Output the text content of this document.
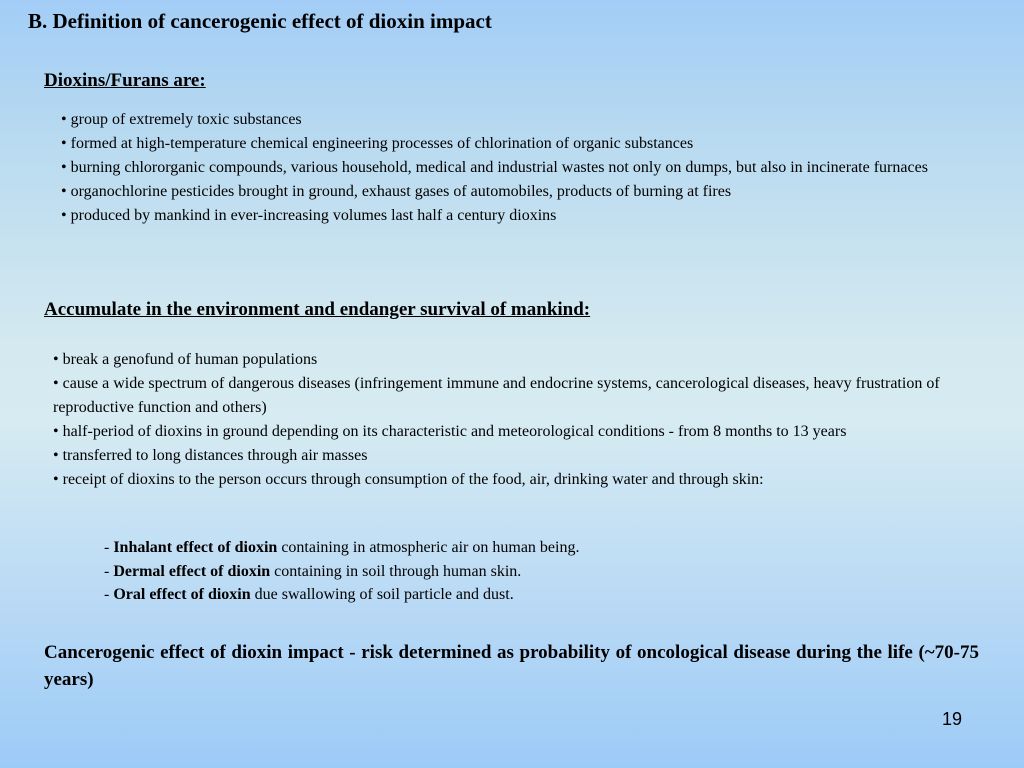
B. Definition of cancerogenic effect of dioxin impact
Dioxins/Furans are:
• group of extremely toxic substances
• formed at high-temperature chemical engineering processes of chlorination of organic substances
• burning chlororganic compounds, various household, medical and industrial wastes not only on dumps, but also in incinerate furnaces
• organochlorine pesticides brought in ground, exhaust gases of automobiles, products of burning at fires
• produced by mankind in ever-increasing volumes last half a century dioxins
Accumulate in the environment and endanger survival of mankind:
• break a genofund of human populations
• cause a wide spectrum of dangerous diseases (infringement immune and endocrine systems, cancerological diseases, heavy frustration of reproductive function and others)
• half-period of dioxins in ground depending on its characteristic and meteorological conditions - from 8 months to 13 years
• transferred to long distances through air masses
• receipt of dioxins to the person occurs through consumption of the food, air, drinking water and through skin:
- Inhalant effect of dioxin containing in atmospheric air on human being.
- Dermal effect of dioxin containing in soil through human skin.
- Oral effect of dioxin due swallowing of soil particle and dust.

Cancerogenic effect of dioxin impact - risk determined as probability of oncological disease during the life (~70-75 years)

19
